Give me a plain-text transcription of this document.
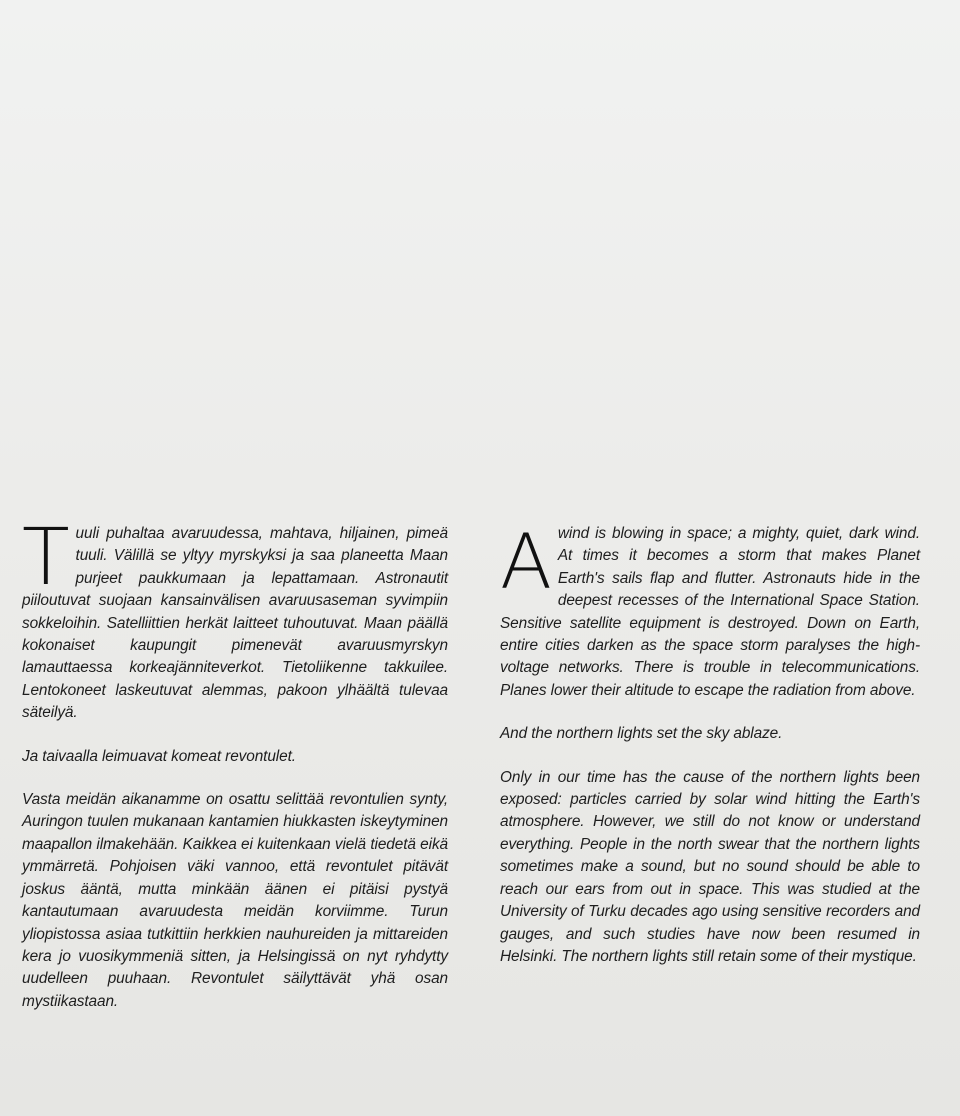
Tuuli puhaltaa avaruudessa, mahtava, hiljainen, pimeä tuuli. Välillä se yltyy myrskyksi ja saa planeetta Maan purjeet paukkumaan ja lepattamaan. Astronautit piiloutuvat suojaan kansainvälisen avaruusaseman syvimpiin sokkeloihin. Satelliittien herkät laitteet tuhoutuvat. Maan päällä kokonaiset kaupungit pimenevät avaruusmyrskyn lamauttaessa korkeajänniteverkot. Tietoliikenne takkuilee. Lentokoneet laskeutuvat alemmas, pakoon ylhäältä tulevaa säteilyä.

Ja taivaalla leimuavat komeat revontulet.

Vasta meidän aikanamme on osattu selittää revontulien synty, Auringon tuulen mukanaan kantamien hiukkasten iskeytyminen maapallon ilmakehään. Kaikkea ei kuitenkaan vielä tiedetä eikä ymmärretä. Pohjoisen väki vannoo, että revontulet pitävät joskus ääntä, mutta minkään äänen ei pitäisi pystyä kantautumaan avaruudesta meidän korviimme. Turun yliopistossa asiaa tutkittiin herkkien nauhureiden ja mittareiden kera jo vuosikymmeniä sitten, ja Helsingissä on nyt ryhdytty uudelleen puuhaan. Revontulet säilyttävät yhä osan mystiikastaan.

Awind is blowing in space; a mighty, quiet, dark wind. At times it becomes a storm that makes Planet Earth's sails flap and flutter. Astronauts hide in the deepest recesses of the International Space Station. Sensitive satellite equipment is destroyed. Down on Earth, entire cities darken as the space storm paralyses the high-voltage networks. There is trouble in telecommunications. Planes lower their altitude to escape the radiation from above.

And the northern lights set the sky ablaze.

Only in our time has the cause of the northern lights been exposed: particles carried by solar wind hitting the Earth's atmosphere. However, we still do not know or understand everything. People in the north swear that the northern lights sometimes make a sound, but no sound should be able to reach our ears from out in space. This was studied at the University of Turku decades ago using sensitive recorders and gauges, and such studies have now been resumed in Helsinki. The northern lights still retain some of their mystique.
